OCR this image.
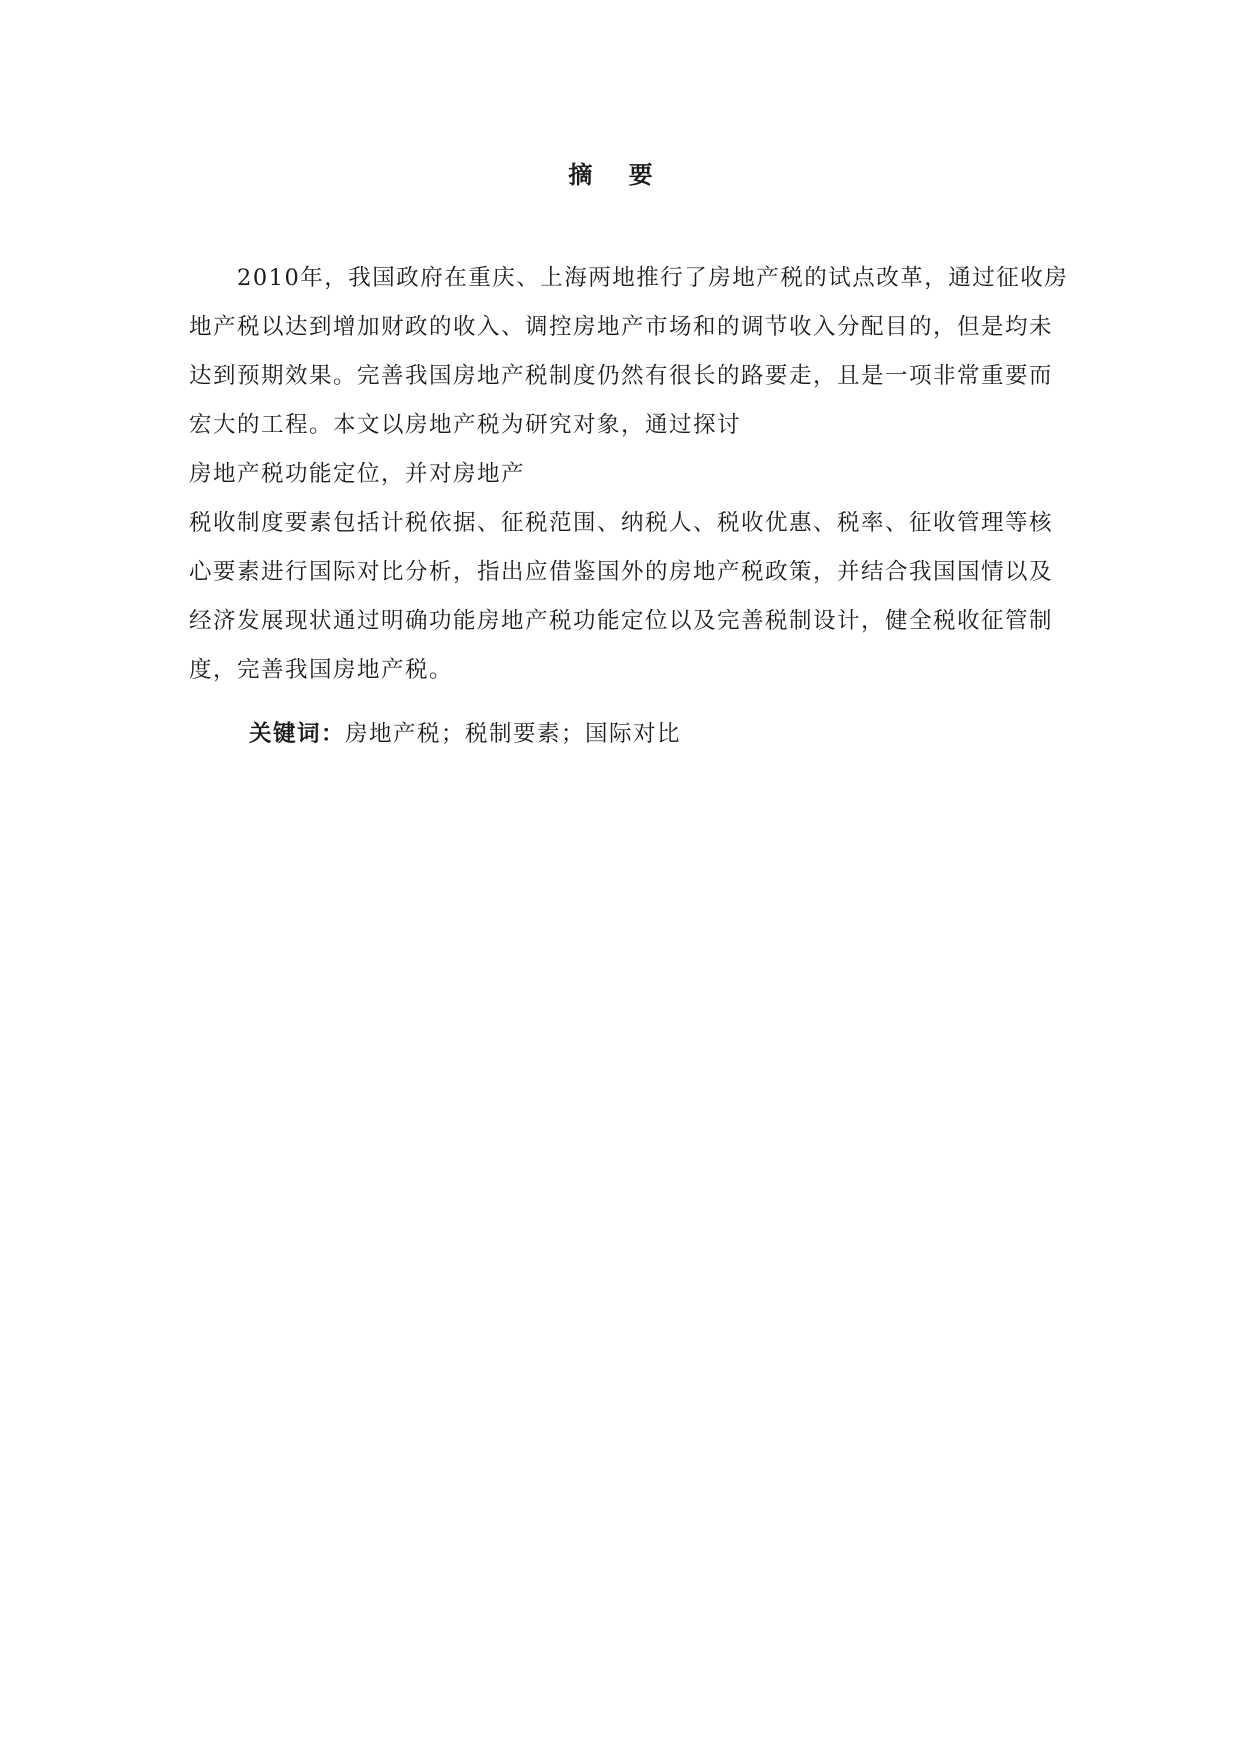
摘 要
2010年，我国政府在重庆、上海两地推行了房地产税的试点改革，通过征收房
地产税以达到增加财政的收入、调控房地产市场和的调节收入分配目的，但是均未
达到预期效果。完善我国房地产税制度仍然有很长的路要走，且是一项非常重要而
宏大的工程。本文以房地产税为研究对象，通过探讨
房地产税功能定位，并对房地产
税收制度要素包括计税依据、征税范围、纳税人、税收优惠、税率、征收管理等核
心要素进行国际对比分析，指出应借鉴国外的房地产税政策，并结合我国国情以及
经济发展现状通过明确功能房地产税功能定位以及完善税制设计，健全税收征管制
度，完善我国房地产税。
关键词：房地产税；税制要素；国际对比
